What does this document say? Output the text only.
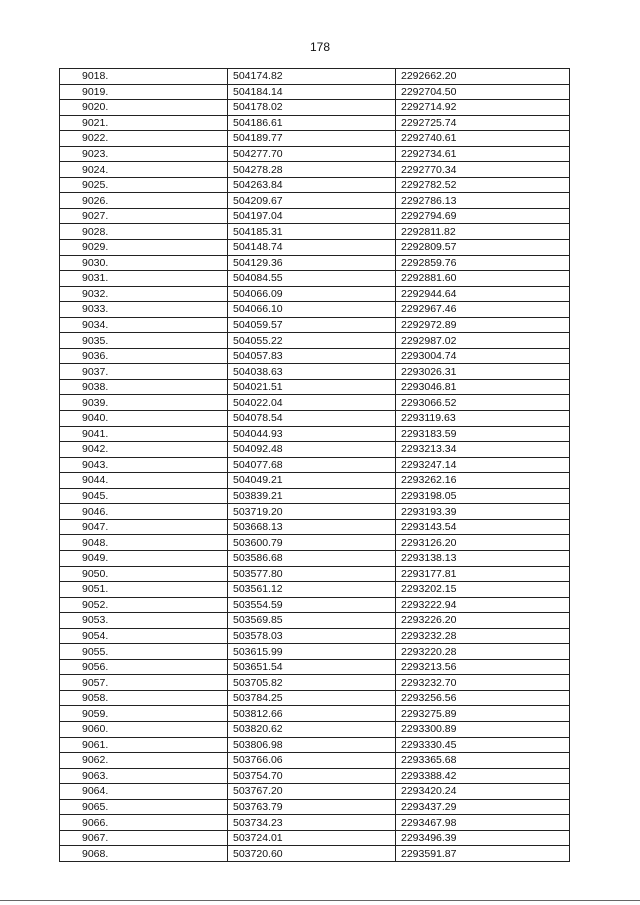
178
9018.	504174.82	2292662.20
9019.	504184.14	2292704.50
9020.	504178.02	2292714.92
9021.	504186.61	2292725.74
9022.	504189.77	2292740.61
9023.	504277.70	2292734.61
9024.	504278.28	2292770.34
9025.	504263.84	2292782.52
9026.	504209.67	2292786.13
9027.	504197.04	2292794.69
9028.	504185.31	2292811.82
9029.	504148.74	2292809.57
9030.	504129.36	2292859.76
9031.	504084.55	2292881.60
9032.	504066.09	2292944.64
9033.	504066.10	2292967.46
9034.	504059.57	2292972.89
9035.	504055.22	2292987.02
9036.	504057.83	2293004.74
9037.	504038.63	2293026.31
9038.	504021.51	2293046.81
9039.	504022.04	2293066.52
9040.	504078.54	2293119.63
9041.	504044.93	2293183.59
9042.	504092.48	2293213.34
9043.	504077.68	2293247.14
9044.	504049.21	2293262.16
9045.	503839.21	2293198.05
9046.	503719.20	2293193.39
9047.	503668.13	2293143.54
9048.	503600.79	2293126.20
9049.	503586.68	2293138.13
9050.	503577.80	2293177.81
9051.	503561.12	2293202.15
9052.	503554.59	2293222.94
9053.	503569.85	2293226.20
9054.	503578.03	2293232.28
9055.	503615.99	2293220.28
9056.	503651.54	2293213.56
9057.	503705.82	2293232.70
9058.	503784.25	2293256.56
9059.	503812.66	2293275.89
9060.	503820.62	2293300.89
9061.	503806.98	2293330.45
9062.	503766.06	2293365.68
9063.	503754.70	2293388.42
9064.	503767.20	2293420.24
9065.	503763.79	2293437.29
9066.	503734.23	2293467.98
9067.	503724.01	2293496.39
9068.	503720.60	2293591.87
